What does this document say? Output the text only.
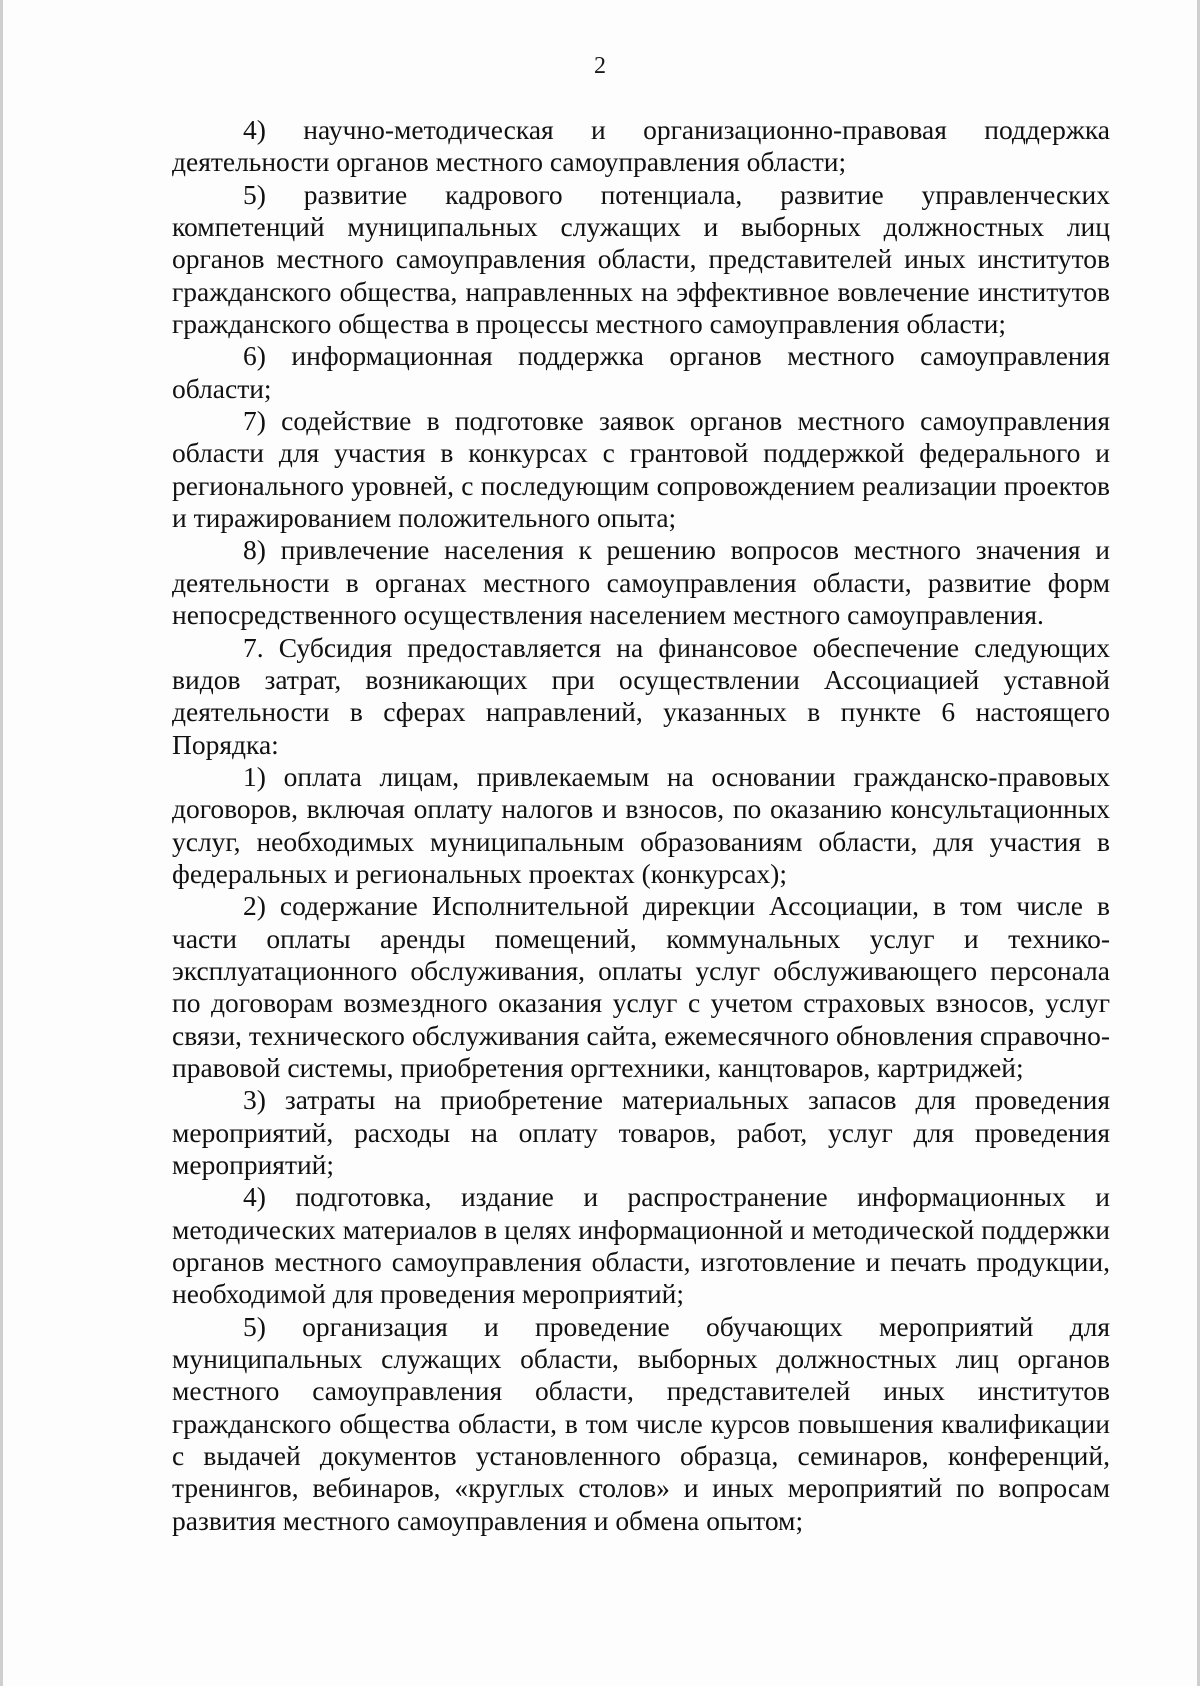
2

4) научно-методическая и организационно-правовая поддержка деятельности органов местного самоуправления области;

5) развитие кадрового потенциала, развитие управленческих компетенций муниципальных служащих и выборных должностных лиц органов местного самоуправления области, представителей иных институтов гражданского общества, направленных на эффективное вовлечение институтов гражданского общества в процессы местного самоуправления области;

6) информационная поддержка органов местного самоуправления области;

7) содействие в подготовке заявок органов местного самоуправления области для участия в конкурсах с грантовой поддержкой федерального и регионального уровней, с последующим сопровождением реализации проектов и тиражированием положительного опыта;

8) привлечение населения к решению вопросов местного значения и деятельности в органах местного самоуправления области, развитие форм непосредственного осуществления населением местного самоуправления.

7. Субсидия предоставляется на финансовое обеспечение следующих видов затрат, возникающих при осуществлении Ассоциацией уставной деятельности в сферах направлений, указанных в пункте 6 настоящего Порядка:

1) оплата лицам, привлекаемым на основании гражданско-правовых договоров, включая оплату налогов и взносов, по оказанию консультационных услуг, необходимых муниципальным образованиям области, для участия в федеральных и региональных проектах (конкурсах);

2) содержание Исполнительной дирекции Ассоциации, в том числе в части оплаты аренды помещений, коммунальных услуг и технико-эксплуатационного обслуживания, оплаты услуг обслуживающего персонала по договорам возмездного оказания услуг с учетом страховых взносов, услуг связи, технического обслуживания сайта, ежемесячного обновления справочно-правовой системы, приобретения оргтехники, канцтоваров, картриджей;

3) затраты на приобретение материальных запасов для проведения мероприятий, расходы на оплату товаров, работ, услуг для проведения мероприятий;

4) подготовка, издание и распространение информационных и методических материалов в целях информационной и методической поддержки органов местного самоуправления области, изготовление и печать продукции, необходимой для проведения мероприятий;

5) организация и проведение обучающих мероприятий для муниципальных служащих области, выборных должностных лиц органов местного самоуправления области, представителей иных институтов гражданского общества области, в том числе курсов повышения квалификации с выдачей документов установленного образца, семинаров, конференций, тренингов, вебинаров, «круглых столов» и иных мероприятий по вопросам развития местного самоуправления и обмена опытом;
